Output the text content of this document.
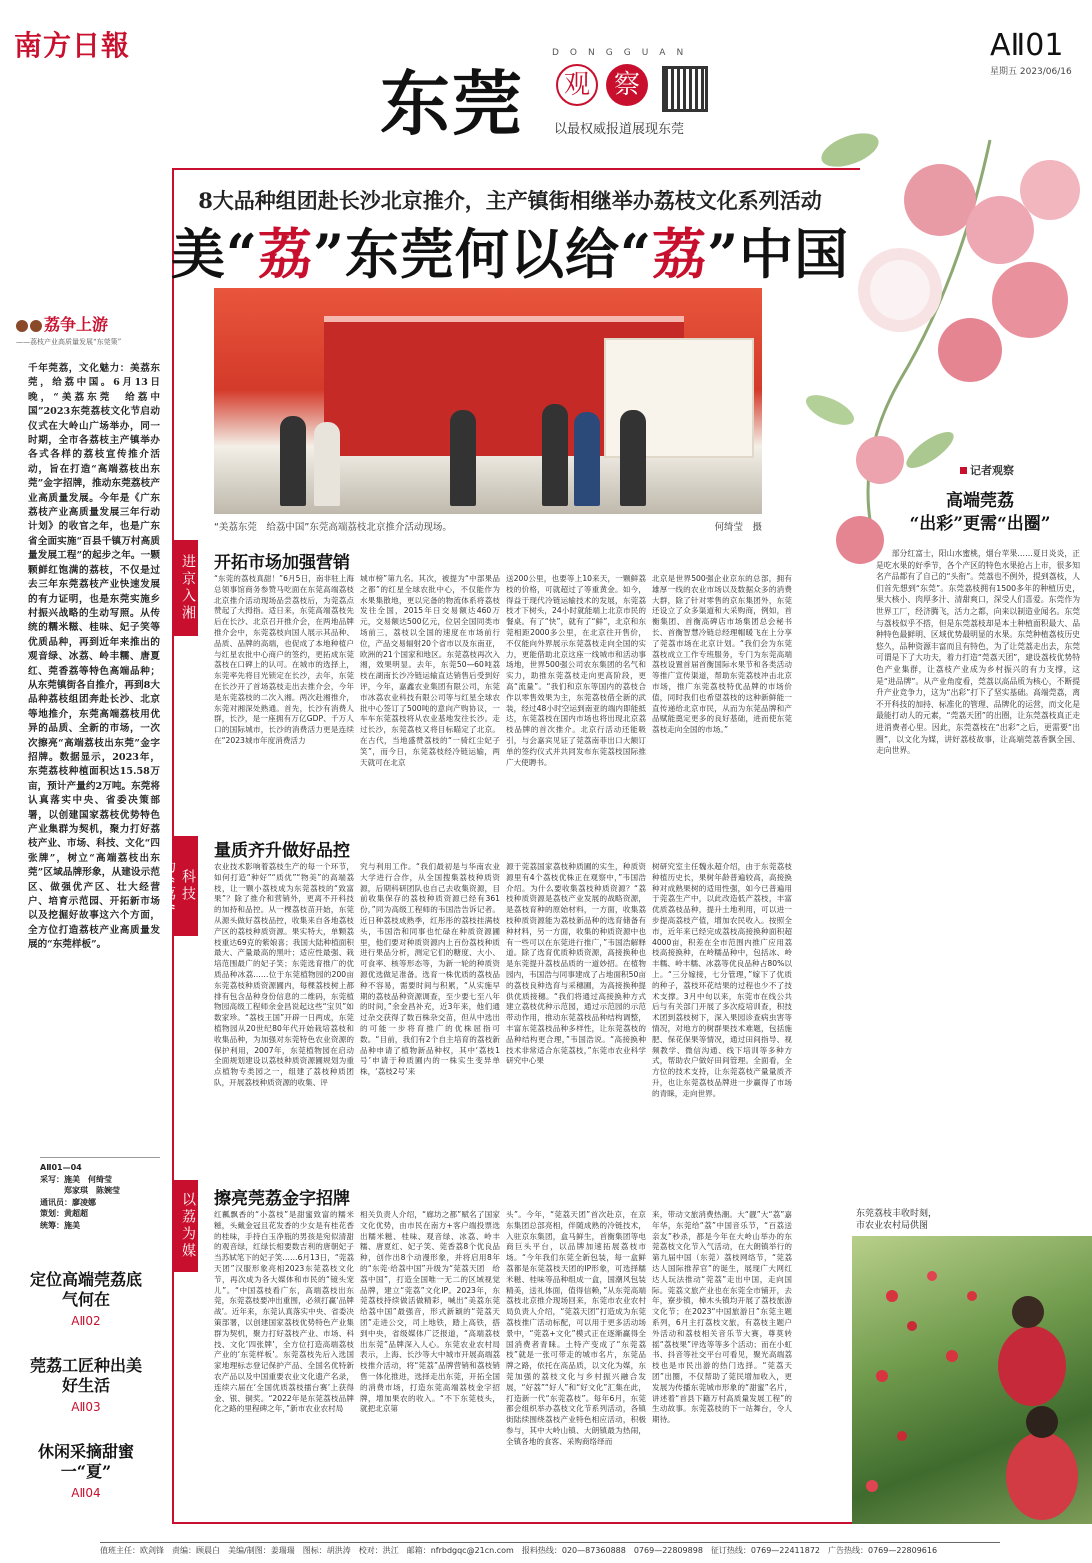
南方日報
东莞
DONGGUAN
观 察
以最权威报道展现东莞
AⅡ01
星期五 2023/06/16
8大品种组团赴长沙北京推介，主产镇街相继举办荔枝文化系列活动
美“荔”东莞何以给“荔”中国
“美荔东莞　给荔中国”东莞高端荔枝北京推介活动现场。	何绮莹　摄
进京入湘 开拓市场加强营销
“东莞的荔枝真甜！”6月5日，南非驻上海总领事馆商务参赞马吃面在东莞高端荔枝北京推介活动现场品尝荔枝后，为莞荔点赞起了大拇指。适日来，东莞高端荔枝先后在长沙、北京召开推介会，在两地品牌推介会中，东莞荔枝向国人展示其品种、品质、品牌的高端，也促成了本地种植户与红星农批中心商户的签约，更拓成东莞荔枝在口碑上的认可。在城市的选择上，东莞率先将目光锁定在长沙，去年，东莞在长沙开了首场荔枝走出去推介会，今年是东莞荔枝的二次入湘。两次赴湘推介，东莞对湘深处熟通。首先，长沙有消费人群，长沙，是一座拥有万亿GDP、千万人口的国际城市，长沙的消费活力更是连续在“2023城市年度消费活力
城市榜”第九名。其次，被提为“中部果品之都”的红星全球农批中心，不仅能作为水果集散地，更以完备的物流体系将荔枝发往全国，2015年日交易额达460万元，交易额达500亿元，位居全国同类市场前三，荔枝以全国的速度在市场前行位，产品交易辐射20个省市以及东南亚，欧洲的21个国家和地区。东莞荔枝再次入湘，效果明显。去年，东莞50—60吨荔枝在湖南长沙冷链运输直达销售后受到好评，今年，嘉鑫农业集团有限公司，东莞市冰荔农业科技有限公司等与红星全球农批中心签订了500吨的意向产购协议，一车车东莞荔枝将从农业基地发往长沙。走过长沙，东莞荔枝又将目标瞄定了北京。在古代，当地盛赞荔枝的“一骑红尘妃子笑”，而今日，东莞荔枝经冷链运输，两天就可在北京
送200公里，也要等上10来天，一颗鲜荔枝的价格，可就超过了等重黄金。如今，得益于现代冷链运输技术的发展，东莞荔枝才下树头，24小时就能端上北京市民的餐桌。有了“快”，就有了“鲜”，北京和东莞相距2000多公里，在北京往开售价，不仅能向外界展示东莞荔枝走向全国的实力，更能借助北京这座一线城市和活动事场地，世界500强公司农东集团的名气和实力，助推东莞荔枝走向更高阶段，更高“流量”。“我们和京东等国内的荔枝合作以零售效果为主，东莞荔枝借全新的武装，经过48小时空运到南亚的端内即能抵达，东莞荔枝在国内市场也将出现北京荔枝品牌的首次推介。北京行活动还能吸引，与会嘉宾见证了莞荔南菲出口大额订单的签约仪式并共同发布东莞荔枝国际推广大使聘书。
北京是世界500强企业京东的总部，拥有雄厚一线的农业市场以及数据众多的消费大群，除了针对零售的京东集团外，东莞还设立了众多渠道和大采购商，例如，首衡集团、首衡高碑店市场集团总会秘书长、首衡智慧冷链总经理帽暖飞在上分享了莞荔市场在北京计划。“我们会为东莞荔枝成立工作专班服务，专门为东莞高端荔枝设置首届首衡国际水果节和各类活动等推广宣传渠道，帮助东莞荔枝冲击北京市场，推广东莞荔枝特优品牌的市场价值，同时我们也希望荔枝的这种新鲜能一直传递给北京市民，从而为东莞品牌和产品赋能奠定更多的良好基础，进而使东莞荔枝走向全国的市场。”
科技助“荔”
量质齐升做好品控
农业技术影响着荔枝生产的每一个环节，如何打造“种好”“质优”“物美”的高端荔枝，让一颗小荔枝成为东莞荔枝的“致富果”？除了推介和营销外，更离不开科技的加持和品控。从一棵荔枝苗开始，东莞从源头做好荔枝品控，收集来自各地荔枝产区的荔枝种质资源。果实特大，单颗荔枝重达69克的紫娘喜；我国大陆种植面积最大、产量最高的黑叶；适应性最强、栽培范围最广的妃子笑；东莞选育推广的优质品种冰荔……位于东莞植物园的200亩东莞荔枝种质资源圃内，每棵荔枝树上都排有包含品种身份信息的二维码，东莞植物园高级工程师余金昌说起这些“宝贝”如数家珍。“荔枝王国”开辟一日两成，东莞植物园从20世纪80年代开始栽培荔枝和收集品种，为加强对东莞特色农业资源的保护利用，2007年，东莞植物园在启动全面规划建设以荔枝种质资源圃规划为重点植物专类园之一，组建了荔枝种质团队，开展荔枝种质资源的收集、评
究与利用工作。“我们最初是与华南农业大学进行合作，从全国搜集荔枝种质资源，后期科研团队也自己去收集资源，目前收集保存的荔枝种质资源已经有361份，”同为高级工程师的韦国浩告诉记者。近日种荔枝成熟季，红彤彤的荔枝挂满枝头，韦国浩和同事也忙碌在种质资源圃里，他们要对种质资源内上百份荔枝种质进行果品分析，测定它们的糖度、大小、可食率、核等形态等，为新一轮的种质资源优选做足准备。选育一株优质的荔枝品种不容易，需要时间与积累，“从实施早期的荔枝品种资源调查，至少要七至八年的时间，”余金昌补充，近3年来，他们通过杂交获得了数百株杂交苗，但从中选出的可能一步将育推广的优株屈指可数。“目前，我们有2个自主培育的荔枝新品种申请了植物新品种权，其中‘荔枝1号’申请于种质圃内的一株实生变异单株，‘荔枝2号’来
源于莞荔国家荔枝种质圃的实生，种质资源里有4个荔枝优株正在观察中，”韦国浩介绍。为什么要收集荔枝种质资源？“荔枝种质资源是荔枝产业发展的战略资源，是荔枝育种的原始材料，一方面，收集荔枝种质资源能为荔枝新品种的选育储备有种材料，另一方面，收集的种质资源中也有一些可以在东莞进行推广，”韦国浩解释道。除了选育优质种质资源，高接换种也是东莞提升荔枝品质的一道妙招。在植物园内，韦国浩与同事建成了占地面积50亩的荔枝良种选育与采穗圃，为高接换种提供优质接穗。“我们将通过高接换种方式建立荔枝优种示范园，通过示范园的示范带动作用，推动东莞荔枝品种结构调整，丰富东莞荔枝品种多样性，让东莞荔枝的品种结构更合理，”韦国浩说。“高接换种技术非常适合东莞荔枝，”东莞市农业科学研究中心果
树研究室主任魏永超介绍，由于东莞荔枝种植历史长，果树年龄普遍较高，高接换种对成熟果树的适用性强，如今已普遍用于莞荔生产中，以此改造低产荔枝，丰富优质荔枝品种，提升土地利用，可以进一步提高荔枝产值，增加农民收入。按照全市，近年来已经完成荔枝高接换种面积超4000亩，积差在全市范围内推广应用荔枝高接换种，在岭糯品种中，包括冰、岭丰糯、岭丰糯、冰荔等优良品种占80%以上。“三分嫁接，七分管理，”嫁下了优质的种子，荔枝环花结果的过程也少不了技术支撑。3月中旬以来，东莞市在线公共后与有关部门开展了多次疫培训查，积技术团到荔枝树下，深入果园诊查病虫害等情况，对地方的树群果技术难题，包括施肥、保花保果等情况，通过田间指导、视频教学、微信沟通、线下培训等多种方式，帮助农户做好田间管理。全面看，全方位的技术支持，让东莞荔枝产量量质齐升，也让东莞荔枝品牌进一步赢得了市场的青睐，走向世界。
以荔为媒 擦亮莞荔金字招牌
红瓤飘香的“小荔枝”是甜蜜致富的糯米糍，头戴金冠且花发香的少女是有桂花香的桂味，手持白玉净瓶的男孩是宛似清甜的观音绿，红绿长相要数吉利的唐朝妃子当苏轼笔下的妃子笑……6月13日，“莞荔天团”汉服形象亮相2023东莞荔枝文化节，再次成为各大媒体和市民的“镜头宠儿”。“中国荔枝看广东，高端荔枝出东莞，东莞荔枝要冲出重围，必须打赢‘品牌战’。近年来，东莞认真落实中央、省委决策部署，以创建国家荔枝优势特色产业集群为契机，聚力打好荔枝产业、市场、科技、文化‘四张牌’，全方位打造高端荔枝产业的‘东莞样板’。东莞荔枝先后入选国家地理标志登记保护产品、全国名优特新农产品以及中国重要农业文化遗产名录，连续六届在‘全国优质荔枝擂台赛’上获得金、银、铜奖。“2022年是东莞荔枝品牌化之路的里程碑之年，”新市农业农村局
相关负责人介绍，“廊坊之都”赋名了国家文化优势，由市民在南方+客户端投票选出糯米糍、桂味、观音绿、冰荔、岭丰糯、唐夏红、妃子笑、莞香荔8个优良品种，创作出8个动漫形象，并将启用8年的“东莞·给荔中国”升级为“莞荔天团　给荔中国”，打造全国唯一无二的区域视觉品牌，建立“莞荔”文化IP。2023年，东莞荔枝持续做活做精彩，喊出“美荔东莞　给荔中国”最强音，形式新颖的“莞荔天团”走进公交，司上地铁，踏上高铁，搭到中央，省级媒体广泛报道，“高端荔枝出东莞”品牌深入人心。东莞农业农村局表示，上海、长沙等大中城市开展高端荔枝推介活动，将“莞荔”品牌营销和荔枝销售一体化推进，选择走出东莞，开拓全国的消费市场，打造东莞高端荔枝金字招牌，增加果农的收入。“不下东莞枝头，就把北京第
头”。今年，“莞荔天团”首次赴京，在京东集团总部亮相，伴随成熟的冷链技术，入驻京东集团，盒马鲜生，首衡集团等电商巨头平台，以品牌加速拓展荔枝市场。“今年我们东莞全新包装，每一盒鲜荔都是东莞荔枝天团的IP形象，可选择糯米糍、桂味等品种组成一盒，国潮风包装精美，送礼体面，值得信赖，”从东莞高端荔枝北京推介现场回来，东莞市农业农村局负责人介绍，“莞荔天团”打造成为东莞荔枝推广活动标配，可以用于更多活动场景中，“莞荔+文化”模式正在逐渐赢得全国消费者青睐。土特产变成了“东莞荔枝”就是一张可带走的城市名片，东莞品牌之路，依托在高品质，以文化为媒，东莞加强的荔枝文化与乡村振兴融合发展，“好荔”“好人”和“好文化”汇集在此，打造新一代“东莞荔枝”。每年6月，东莞都会组织举办荔枝文化节系列活动，各镇街陆续围绕荔枝产业特色相应活动，积极参与，其中大岭山镇、大朗镇最为热闹，全镇各地的食客、采购商络绎而
来，带动文旅消费热潮。大“靓”大“荔”嘉年华，东莞给“荔”中国音乐节，“百荔送亲友”秒杀，都是今年在大岭山举办的东莞荔枝文化节入气活动，在大朗镇举行的第九届中国（东莞）荔枝网络节，“莞荔达人国际推荐官”的诞生，展现广大网红达人玩法推动“莞荔”走出中国，走向国际。莞荔文旅产业也在东莞全市铺开，去年，寮步镇，樟木头镇均开展了荔枝旅游文化节；在2023“中国旅游日”东莞主题系列，6月主打荔枝文旅，有荔枝主题户外活动和荔枝相关音乐节大赛，尊莫转摇“荔枝果”评选等等多个活动；而在小虹书、抖音等社交平台可看见，聚光高端荔枝也是市民出游的热门选择。“莞荔天团”出圈，不仅帮助了莞民增加收入，更发展为传播东莞城市形象的“甜蜜”名片，讲述着“首县下籍万村高质量发展工程”的生动故事。东莞荔枝的下一站舞台，令人期待。
荔争上游
——荔枝产业高质量发展“东莞策”
千年莞荔，文化魅力：美荔东莞，给荔中国。6月13日晚，“美荔东莞　给荔中国”2023东莞荔枝文化节启动仪式在大岭山广场举办，同一时期，全市各荔枝主产镇举办各式各样的荔枝宣传推介活动，旨在打造“高端荔枝出东莞”金字招牌，推动东莞荔枝产业高质量发展。今年是《广东荔枝产业高质量发展三年行动计划》的收官之年，也是广东省全面实施“百县千镇万村高质量发展工程”的起步之年。一颗颗鲜红饱满的荔枝，不仅是过去三年东莞荔枝产业快速发展的有力证明，也是东莞实施乡村振兴战略的生动写照。从传统的糯米糍、桂味、妃子笑等优质品种，再到近年来推出的观音绿、冰荔、岭丰糯、唐夏红、莞香荔等特色高端品种；从东莞镇街各自推介，再到8大品种荔枝组团奔赴长沙、北京等地推介，东莞高端荔枝用优异的品质、全新的市场，一次次擦亮“高端荔枝出东莞”金字招牌。数据显示，2023年，东莞荔枝种植面积达15.58万亩，预计产量约2万吨。东莞将认真落实中央、省委决策部署，以创建国家荔枝优势特色产业集群为契机，聚力打好荔枝产业、市场、科技、文化“四张牌”，树立“高端荔枝出东莞”区域品牌形象，从建设示范区、做强优产区、壮大经营户、培育示范园、开拓新市场以及挖掘好故事这六个方面，全方位打造荔枝产业高质量发展的“东莞样板”。
AⅡ01—04
采写：施美　何绮莹
　　　郑家琪　陈婉莹
通讯员：廖凌娜
策划：黄超超
统筹：施美
定位高端莞荔底气何在
AⅡ02
莞荔工匠种出美好生活
AⅡ03
休闲采摘甜蜜一“夏”
AⅡ04
记者观察
高端莞荔
“出彩”更需“出圈”
　　部分红富士，阳山水蜜桃，烟台苹果……夏日炎炎，正是吃水果的好季节，各个产区的特色水果抢占上市，很多知名产品都有了自己的“头衔”。莞荔也不例外，提到荔枝，人们首先想到“东莞”。东莞荔枝拥有1500多年的种植历史，果大核小、肉厚多汁、清甜爽口，深受人们喜爱。东莞作为世界工厂，经济腾飞，活力之都，向来以制造业闻名。东莞与荔枝似乎不搭，但是东莞荔枝却是本土种植面积最大、品种特色最鲜明、区域优势最明显的水果。东莞种植荔枝历史悠久，品种资源丰富而且有特色，为了让莞荔走出去，东莞可谓是下了大功夫，着力打造“莞荔天团”，建设荔枝优势特色产业集群，让荔枝产业成为乡村振兴的有力支撑，这是“进品牌”。从产业角度看，莞荔以高品质为核心，不断提升产业竞争力，这为“出彩”打下了坚实基础。高端莞荔，离不开科技的加持、标准化的管理、品牌化的运营，而文化是最能打动人的元素，“莞荔天团”的出圈，让东莞荔枝真正走进消费者心里。因此，东莞荔枝在“出彩”之后，更需要“出圈”，以文化为媒，讲好荔枝故事，让高端莞荔香飘全国、走向世界。
东莞荔枝丰收时刻，
市农业农村局供图
值班主任：欧剑锋　责编：顾晨白　美编/制图：姜瑞瑞　图标：胡洪涛　校对：洪江　邮箱：nfrbdgqc@21cn.com　报料热线：020—87360888　0769—22809898　征订热线：0769—22411872　广告热线：0769—22809616
